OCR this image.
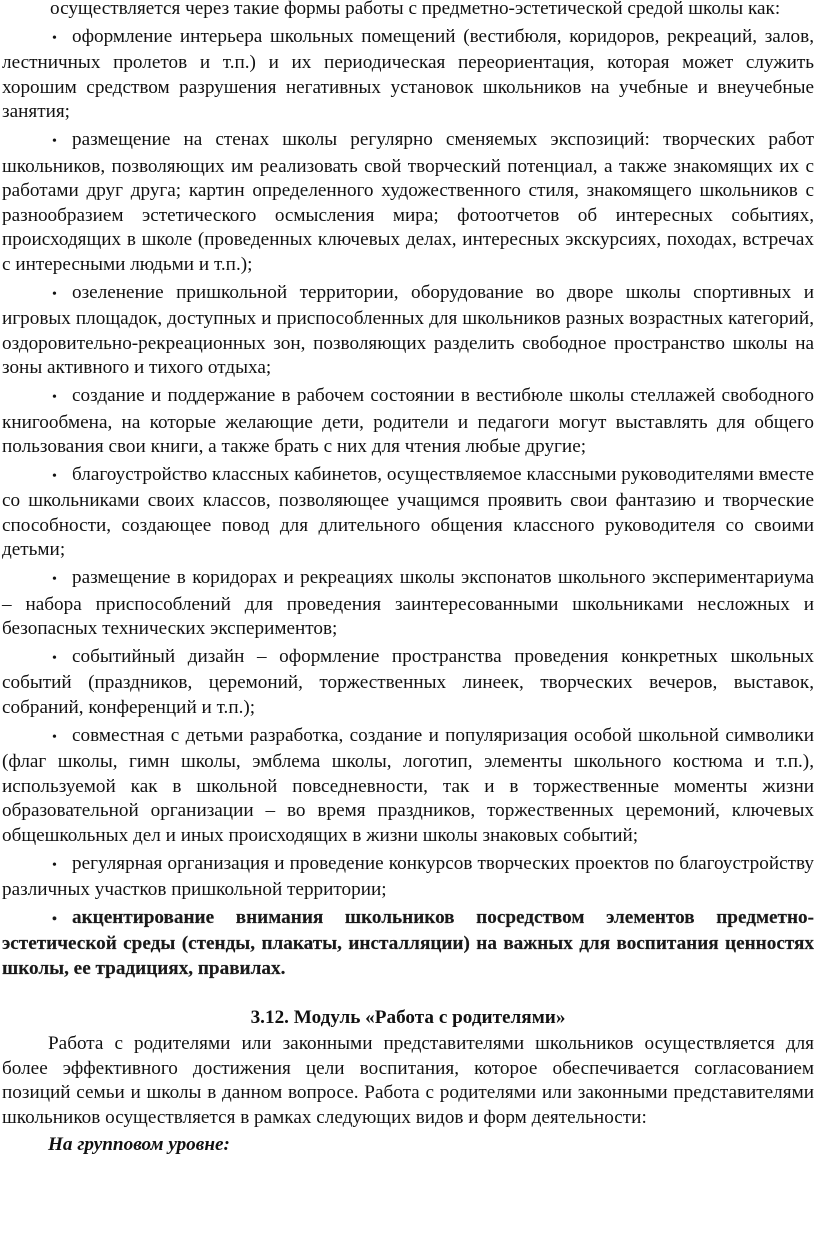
осуществляется через такие формы работы с предметно-эстетической средой школы как:

• оформление интерьера школьных помещений (вестибюля, коридоров, рекреаций, залов, лестничных пролетов и т.п.) и их периодическая переориентация, которая может служить хорошим средством разрушения негативных установок школьников на учебные и внеучебные занятия;

• размещение на стенах школы регулярно сменяемых экспозиций: творческих работ школьников, позволяющих им реализовать свой творческий потенциал, а также знакомящих их с работами друг друга; картин определенного художественного стиля, знакомящего школьников с разнообразием эстетического осмысления мира; фотоотчетов об интересных событиях, происходящих в школе (проведенных ключевых делах, интересных экскурсиях, походах, встречах с интересными людьми и т.п.);

• озеленение пришкольной территории, оборудование во дворе школы спортивных и игровых площадок, доступных и приспособленных для школьников разных возрастных категорий, оздоровительно-рекреационных зон, позволяющих разделить свободное пространство школы на зоны активного и тихого отдыха;

• создание и поддержание в рабочем состоянии в вестибюле школы стеллажей свободного книгообмена, на которые желающие дети, родители и педагоги могут выставлять для общего пользования свои книги, а также брать с них для чтения любые другие;

• благоустройство классных кабинетов, осуществляемое классными руководителями вместе со школьниками своих классов, позволяющее учащимся проявить свои фантазию и творческие способности, создающее повод для длительного общения классного руководителя со своими детьми;

• размещение в коридорах и рекреациях школы экспонатов школьного экспериментариума – набора приспособлений для проведения заинтересованными школьниками несложных и безопасных технических экспериментов;

• событийный дизайн – оформление пространства проведения конкретных школьных событий (праздников, церемоний, торжественных линеек, творческих вечеров, выставок, собраний, конференций и т.п.);

• совместная с детьми разработка, создание и популяризация особой школьной символики (флаг школы, гимн школы, эмблема школы, логотип, элементы школьного костюма и т.п.), используемой как в школьной повседневности, так и в торжественные моменты жизни образовательной организации – во время праздников, торжественных церемоний, ключевых общешкольных дел и иных происходящих в жизни школы знаковых событий;

• регулярная организация и проведение конкурсов творческих проектов по благоустройству различных участков пришкольной территории;

• акцентирование внимания школьников посредством элементов предметно-эстетической среды (стенды, плакаты, инсталляции) на важных для воспитания ценностях школы, ее традициях, правилах.

3.12. Модуль «Работа с родителями»

Работа с родителями или законными представителями школьников осуществляется для более эффективного достижения цели воспитания, которое обеспечивается согласованием позиций семьи и школы в данном вопросе. Работа с родителями или законными представителями школьников осуществляется в рамках следующих видов и форм деятельности:

На групповом уровне:
